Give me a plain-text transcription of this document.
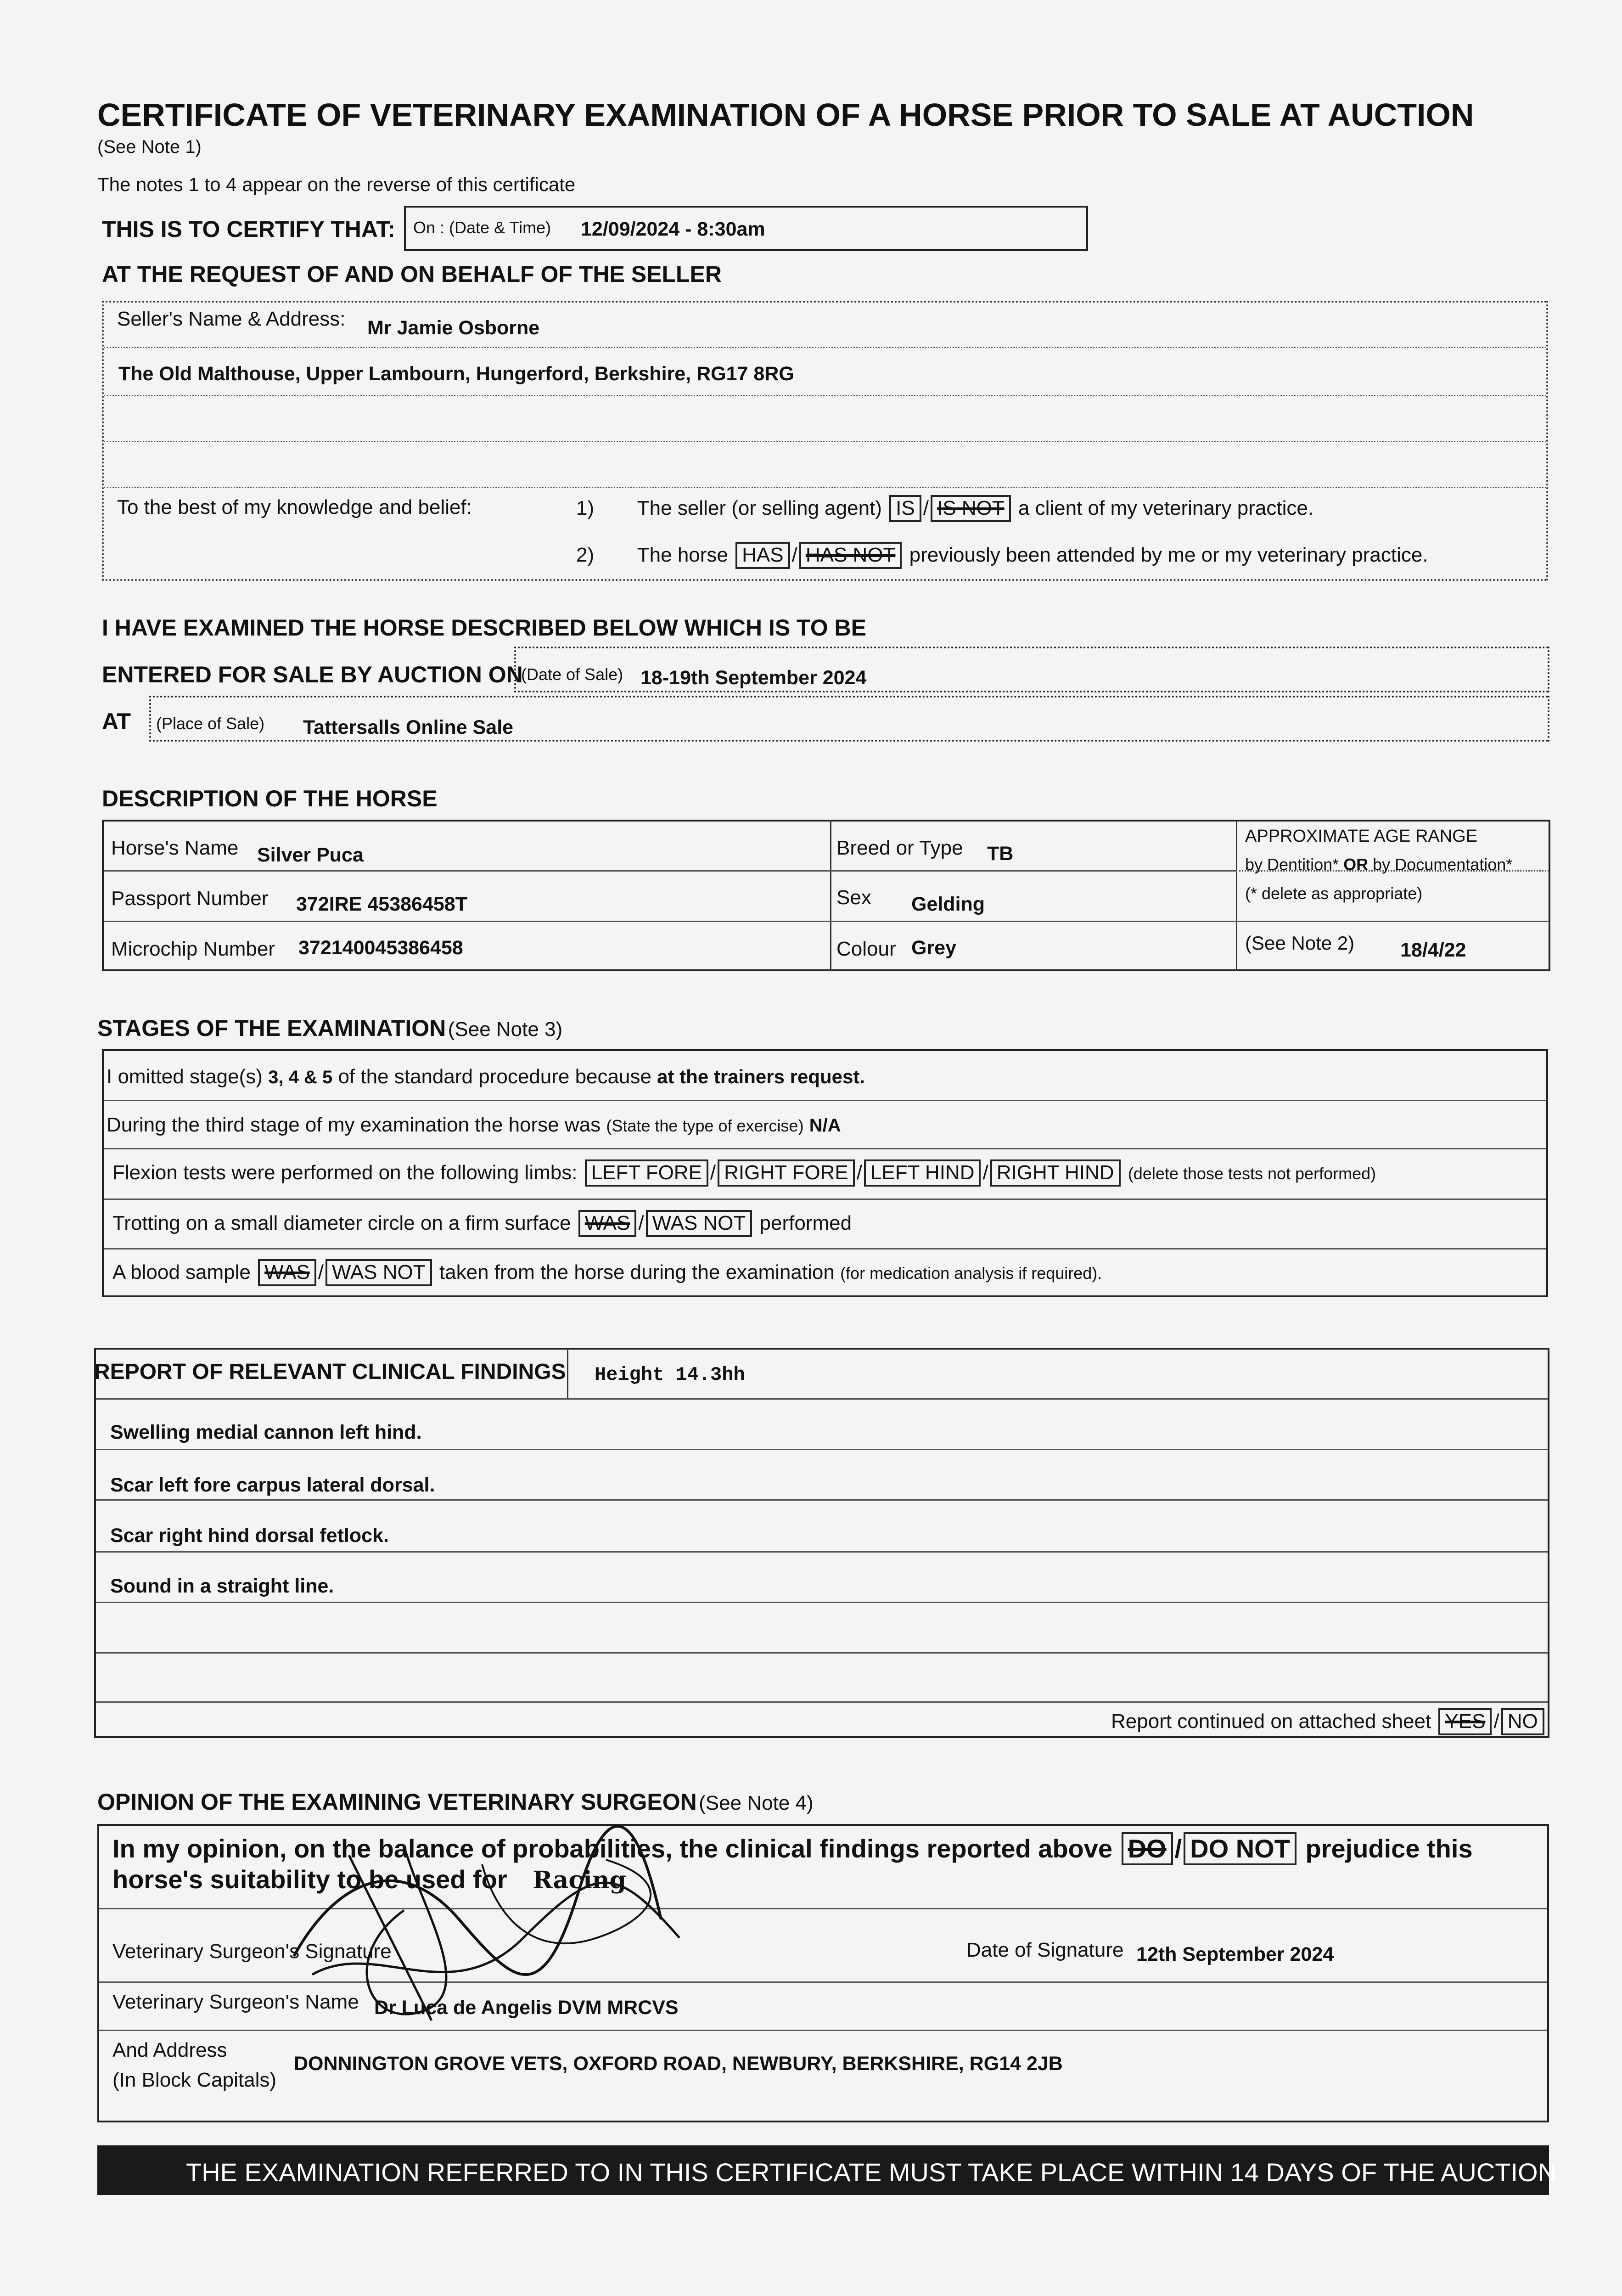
CERTIFICATE OF VETERINARY EXAMINATION OF A HORSE PRIOR TO SALE AT AUCTION
(See Note 1)
The notes 1 to 4 appear on the reverse of this certificate
THIS IS TO CERTIFY THAT: On : (Date & Time) 12/09/2024 - 8:30am
AT THE REQUEST OF AND ON BEHALF OF THE SELLER
Seller's Name & Address: Mr Jamie Osborne
The Old Malthouse, Upper Lambourn, Hungerford, Berkshire, RG17 8RG
To the best of my knowledge and belief:	1) The seller (or selling agent) IS / IS NOT a client of my veterinary practice.
2) The horse HAS / HAS NOT previously been attended by me or my veterinary practice.
I HAVE EXAMINED THE HORSE DESCRIBED BELOW WHICH IS TO BE
ENTERED FOR SALE BY AUCTION ON
(Date of Sale) 18-19th September 2024
AT (Place of Sale) Tattersalls Online Sale
DESCRIPTION OF THE HORSE
Horse's Name Silver Puca
Passport Number 372IRE 45386458T
Microchip Number 372140045386458
Breed or Type TB
Sex Gelding
Colour Grey
APPROXIMATE AGE RANGE
by Dentition* OR by Documentation*
(* delete as appropriate)
(See Note 2) 18/4/22
STAGES OF THE EXAMINATION (See Note 3)
I omitted stage(s) 3, 4 & 5 of the standard procedure because at the trainers request.
During the third stage of my examination the horse was (State the type of exercise) N/A
Flexion tests were performed on the following limbs: LEFT FORE / RIGHT FORE / LEFT HIND / RIGHT HIND (delete those tests not performed)
Trotting on a small diameter circle on a firm surface WAS / WAS NOT performed
A blood sample WAS / WAS NOT taken from the horse during the examination (for medication analysis if required).
REPORT OF RELEVANT CLINICAL FINDINGS Height 14.3hh
Swelling medial cannon left hind.
Scar left fore carpus lateral dorsal.
Scar right hind dorsal fetlock.
Sound in a straight line.
Report continued on attached sheet YES / NO
OPINION OF THE EXAMINING VETERINARY SURGEON (See Note 4)
In my opinion, on the balance of probabilities, the clinical findings reported above DO / DO NOT prejudice this
horse's suitability to be used for Racing
Veterinary Surgeon's Signature	Date of Signature 12th September 2024
Veterinary Surgeon's Name Dr Luca de Angelis DVM MRCVS
And Address
(In Block Capitals)
DONNINGTON GROVE VETS, OXFORD ROAD, NEWBURY, BERKSHIRE, RG14 2JB
THE EXAMINATION REFERRED TO IN THIS CERTIFICATE MUST TAKE PLACE WITHIN 14 DAYS OF THE AUCTION
